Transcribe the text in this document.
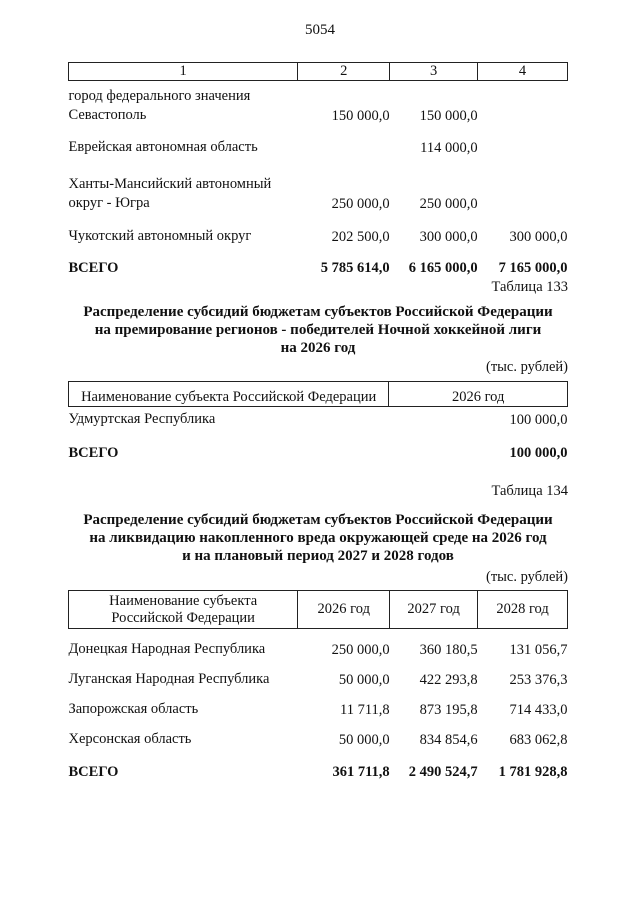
5054
1	2	3	4
город федерального значения
Севастополь	150 000,0	150 000,0	
Еврейская автономная область		114 000,0	
Ханты-Мансийский автономный
округ - Югра	250 000,0	250 000,0	
Чукотский автономный округ	202 500,0	300 000,0	300 000,0
ВСЕГО	5 785 614,0	6 165 000,0	7 165 000,0
Таблица 133
Распределение субсидий бюджетам субъектов Российской Федерации
на премирование регионов - победителей Ночной хоккейной лиги
на 2026 год
(тыс. рублей)
Наименование субъекта Российской Федерации	2026 год
Удмуртская Республика	100 000,0
ВСЕГО	100 000,0
Таблица 134
Распределение субсидий бюджетам субъектов Российской Федерации
на ликвидацию накопленного вреда окружающей среде на 2026 год
и на плановый период 2027 и 2028 годов
(тыс. рублей)
Наименование субъекта
Российской Федерации	2026 год	2027 год	2028 год
Донецкая Народная Республика	250 000,0	360 180,5	131 056,7
Луганская Народная Республика	50 000,0	422 293,8	253 376,3
Запорожская область	11 711,8	873 195,8	714 433,0
Херсонская область	50 000,0	834 854,6	683 062,8
ВСЕГО	361 711,8	2 490 524,7	1 781 928,8
